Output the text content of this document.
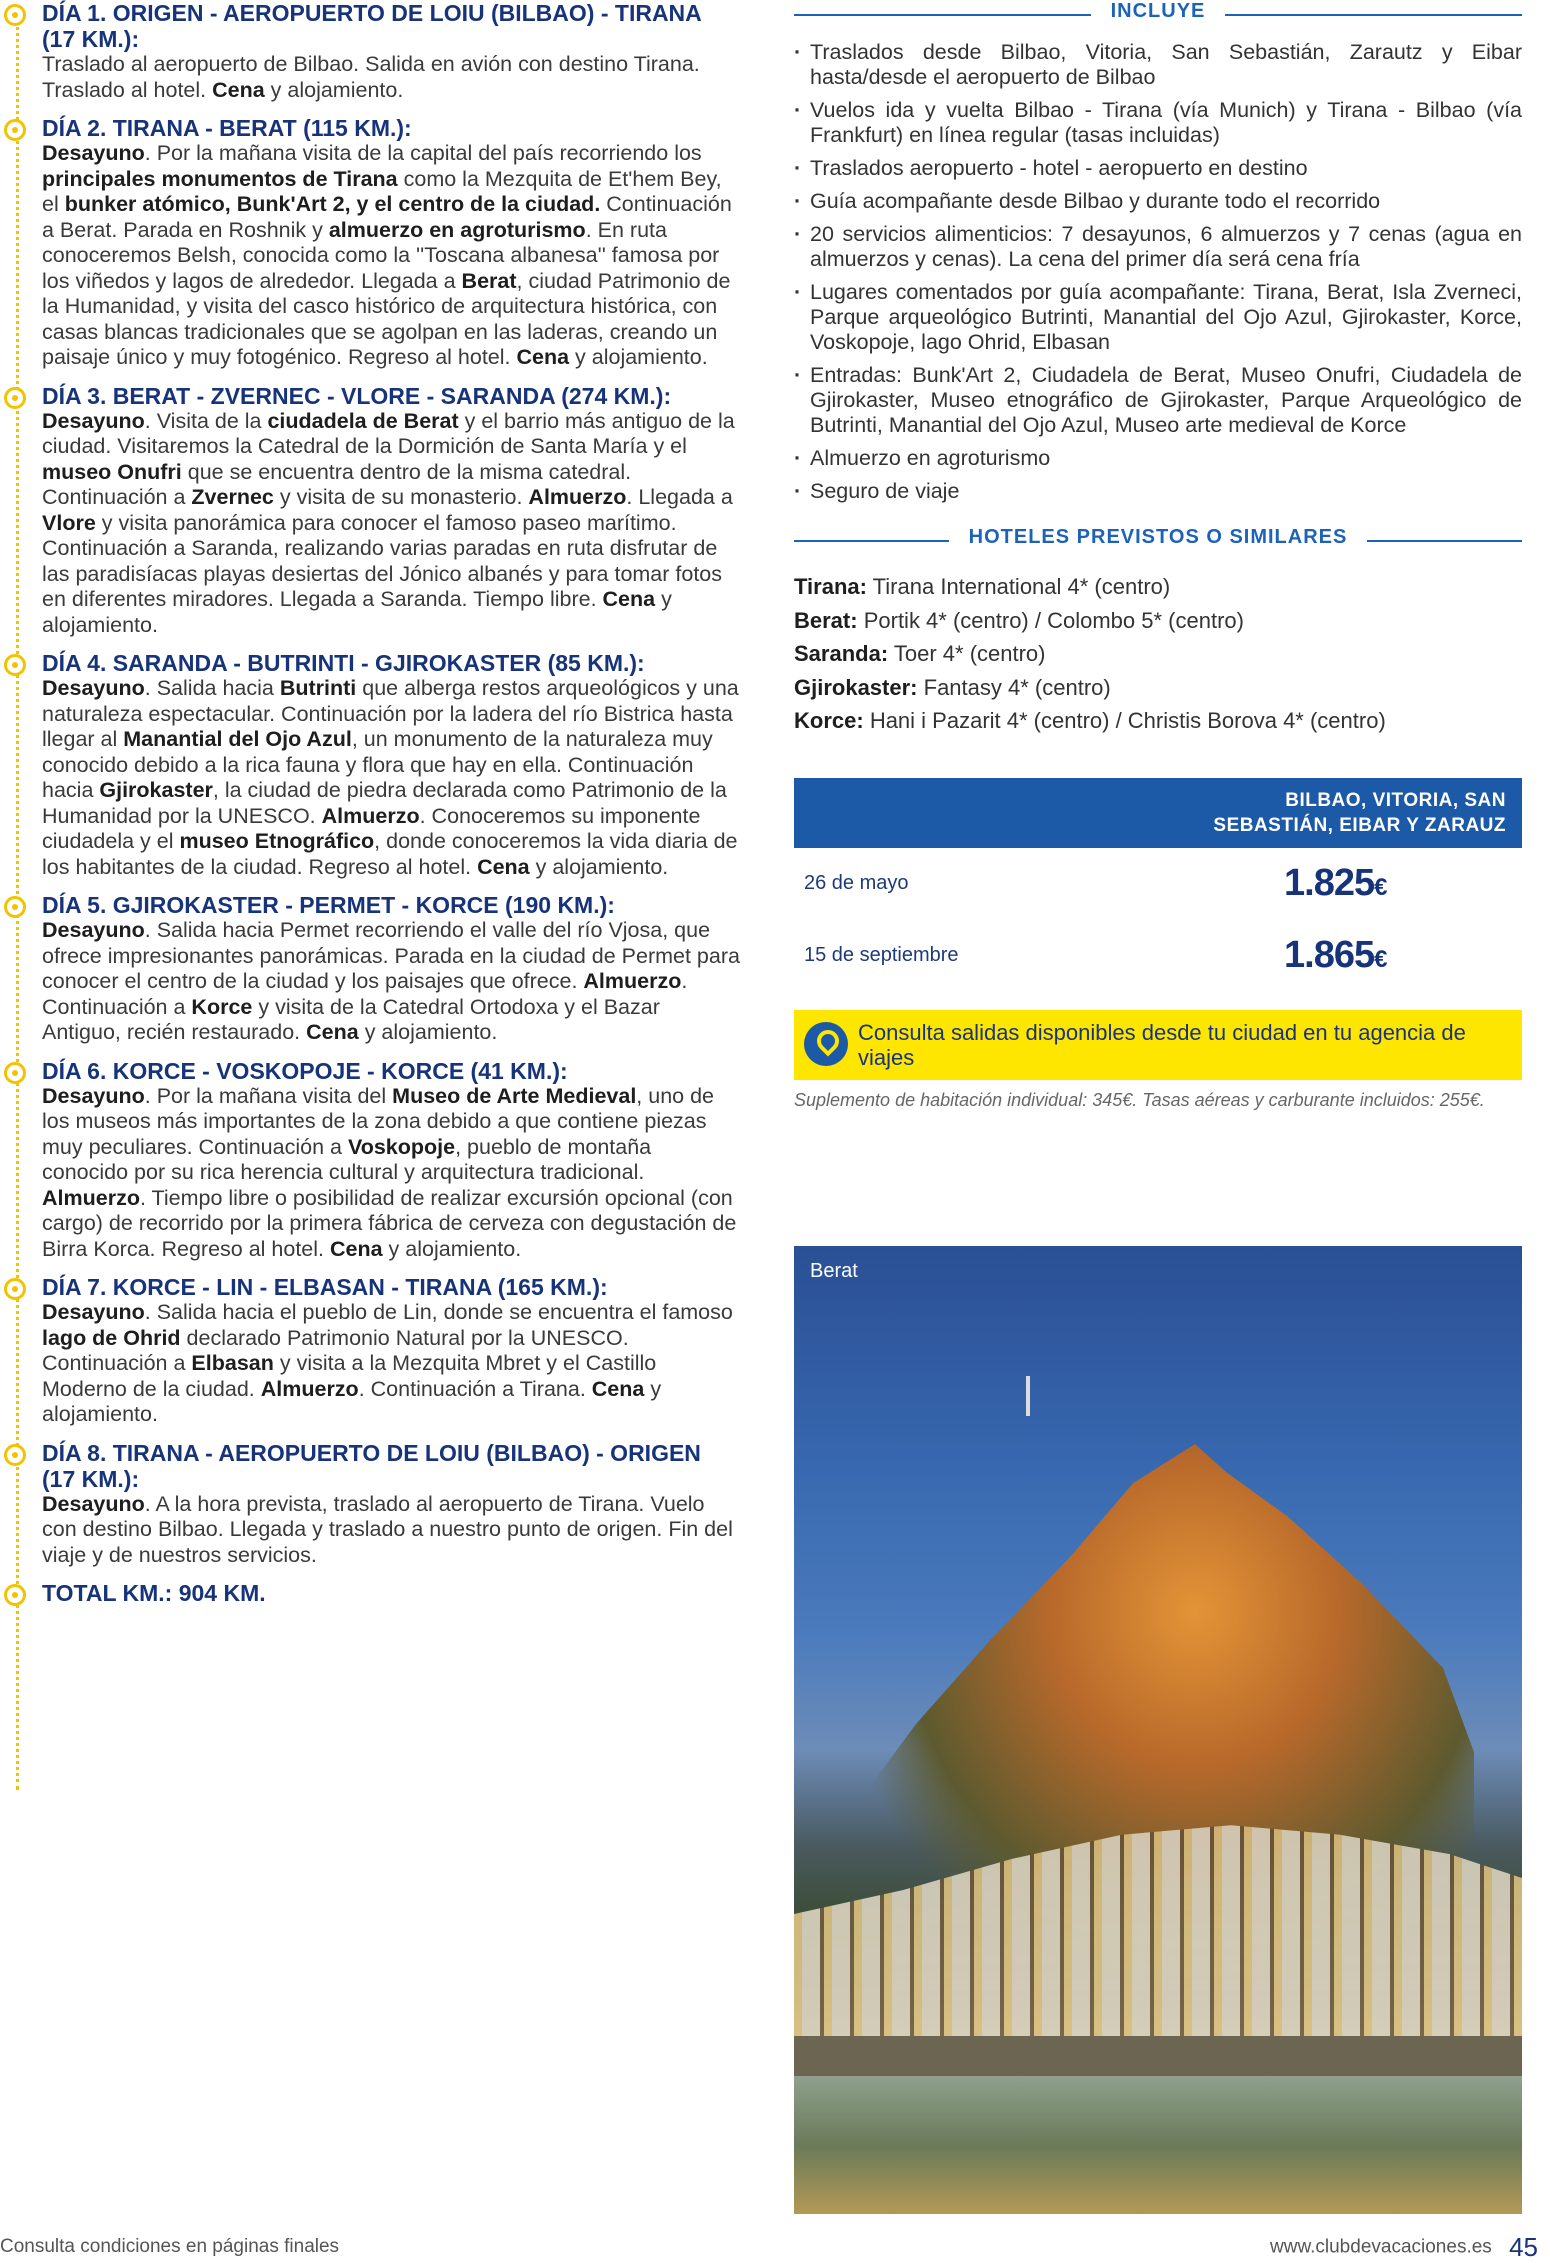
DÍA 1. ORIGEN - AEROPUERTO DE LOIU (BILBAO) - TIRANA (17 KM.):
Traslado al aeropuerto de Bilbao. Salida en avión con destino Tirana. Traslado al hotel. Cena y alojamiento.
DÍA 2. TIRANA - BERAT (115 KM.):
Desayuno. Por la mañana visita de la capital del país recorriendo los principales monumentos de Tirana como la Mezquita de Et'hem Bey, el bunker atómico, Bunk'Art 2, y el centro de la ciudad. Continuación a Berat. Parada en Roshnik y almuerzo en agroturismo. En ruta conoceremos Belsh, conocida como la ''Toscana albanesa'' famosa por los viñedos y lagos de alrededor. Llegada a Berat, ciudad Patrimonio de la Humanidad, y visita del casco histórico de arquitectura histórica, con casas blancas tradicionales que se agolpan en las laderas, creando un paisaje único y muy fotogénico. Regreso al hotel. Cena y alojamiento.
DÍA 3. BERAT - ZVERNEC - VLORE - SARANDA (274 KM.):
Desayuno. Visita de la ciudadela de Berat y el barrio más antiguo de la ciudad. Visitaremos la Catedral de la Dormición de Santa María y el museo Onufri que se encuentra dentro de la misma catedral. Continuación a Zvernec y visita de su monasterio. Almuerzo. Llegada a Vlore y visita panorámica para conocer el famoso paseo marítimo. Continuación a Saranda, realizando varias paradas en ruta disfrutar de las paradisíacas playas desiertas del Jónico albanés y para tomar fotos en diferentes miradores. Llegada a Saranda. Tiempo libre. Cena y alojamiento.
DÍA 4. SARANDA - BUTRINTI - GJIROKASTER (85 KM.):
Desayuno. Salida hacia Butrinti que alberga restos arqueológicos y una naturaleza espectacular. Continuación por la ladera del río Bistrica hasta llegar al Manantial del Ojo Azul, un monumento de la naturaleza muy conocido debido a la rica fauna y flora que hay en ella. Continuación hacia Gjirokaster, la ciudad de piedra declarada como Patrimonio de la Humanidad por la UNESCO. Almuerzo. Conoceremos su imponente ciudadela y el museo Etnográfico, donde conoceremos la vida diaria de los habitantes de la ciudad. Regreso al hotel. Cena y alojamiento.
DÍA 5. GJIROKASTER - PERMET - KORCE (190 KM.):
Desayuno. Salida hacia Permet recorriendo el valle del río Vjosa, que ofrece impresionantes panorámicas. Parada en la ciudad de Permet para conocer el centro de la ciudad y los paisajes que ofrece. Almuerzo. Continuación a Korce y visita de la Catedral Ortodoxa y el Bazar Antiguo, recién restaurado. Cena y alojamiento.
DÍA 6. KORCE - VOSKOPOJE - KORCE (41 KM.):
Desayuno. Por la mañana visita del Museo de Arte Medieval, uno de los museos más importantes de la zona debido a que contiene piezas muy peculiares. Continuación a Voskopoje, pueblo de montaña conocido por su rica herencia cultural y arquitectura tradicional. Almuerzo. Tiempo libre o posibilidad de realizar excursión opcional (con cargo) de recorrido por la primera fábrica de cerveza con degustación de Birra Korca. Regreso al hotel. Cena y alojamiento.
DÍA 7. KORCE - LIN - ELBASAN - TIRANA (165 KM.):
Desayuno. Salida hacia el pueblo de Lin, donde se encuentra el famoso lago de Ohrid declarado Patrimonio Natural por la UNESCO. Continuación a Elbasan y visita a la Mezquita Mbret y el Castillo Moderno de la ciudad. Almuerzo. Continuación a Tirana. Cena y alojamiento.
DÍA 8. TIRANA - AEROPUERTO DE LOIU (BILBAO) - ORIGEN (17 KM.):
Desayuno. A la hora prevista, traslado al aeropuerto de Tirana. Vuelo con destino Bilbao. Llegada y traslado a nuestro punto de origen. Fin del viaje y de nuestros servicios.
TOTAL KM.: 904 KM.
INCLUYE
· Traslados desde Bilbao, Vitoria, San Sebastián, Zarautz y Eibar hasta/desde el aeropuerto de Bilbao
· Vuelos ida y vuelta Bilbao - Tirana (vía Munich) y Tirana - Bilbao (vía Frankfurt) en línea regular (tasas incluidas)
· Traslados aeropuerto - hotel - aeropuerto en destino
· Guía acompañante desde Bilbao y durante todo el recorrido
· 20 servicios alimenticios: 7 desayunos, 6 almuerzos y 7 cenas (agua en almuerzos y cenas). La cena del primer día será cena fría
· Lugares comentados por guía acompañante: Tirana, Berat, Isla Zverneci, Parque arqueológico Butrinti, Manantial del Ojo Azul, Gjirokaster, Korce, Voskopoje, lago Ohrid, Elbasan
· Entradas: Bunk'Art 2, Ciudadela de Berat, Museo Onufri, Ciudadela de Gjirokaster, Museo etnográfico de Gjirokaster, Parque Arqueológico de Butrinti, Manantial del Ojo Azul, Museo arte medieval de Korce
· Almuerzo en agroturismo
· Seguro de viaje
HOTELES PREVISTOS O SIMILARES
Tirana: Tirana International 4* (centro)
Berat: Portik 4* (centro) / Colombo 5* (centro)
Saranda: Toer 4* (centro)
Gjirokaster: Fantasy 4* (centro)
Korce: Hani i Pazarit 4* (centro) / Christis Borova 4* (centro)
BILBAO, VITORIA, SAN
SEBASTIÁN, EIBAR Y ZARAUZ
26 de mayo	1.825€
15 de septiembre	1.865€
Consulta salidas disponibles desde tu ciudad en tu agencia de viajes
Suplemento de habitación individual: 345€. Tasas aéreas y carburante incluidos: 255€.
Berat
Consulta condiciones en páginas finales	www.clubdevacaciones.es 45
